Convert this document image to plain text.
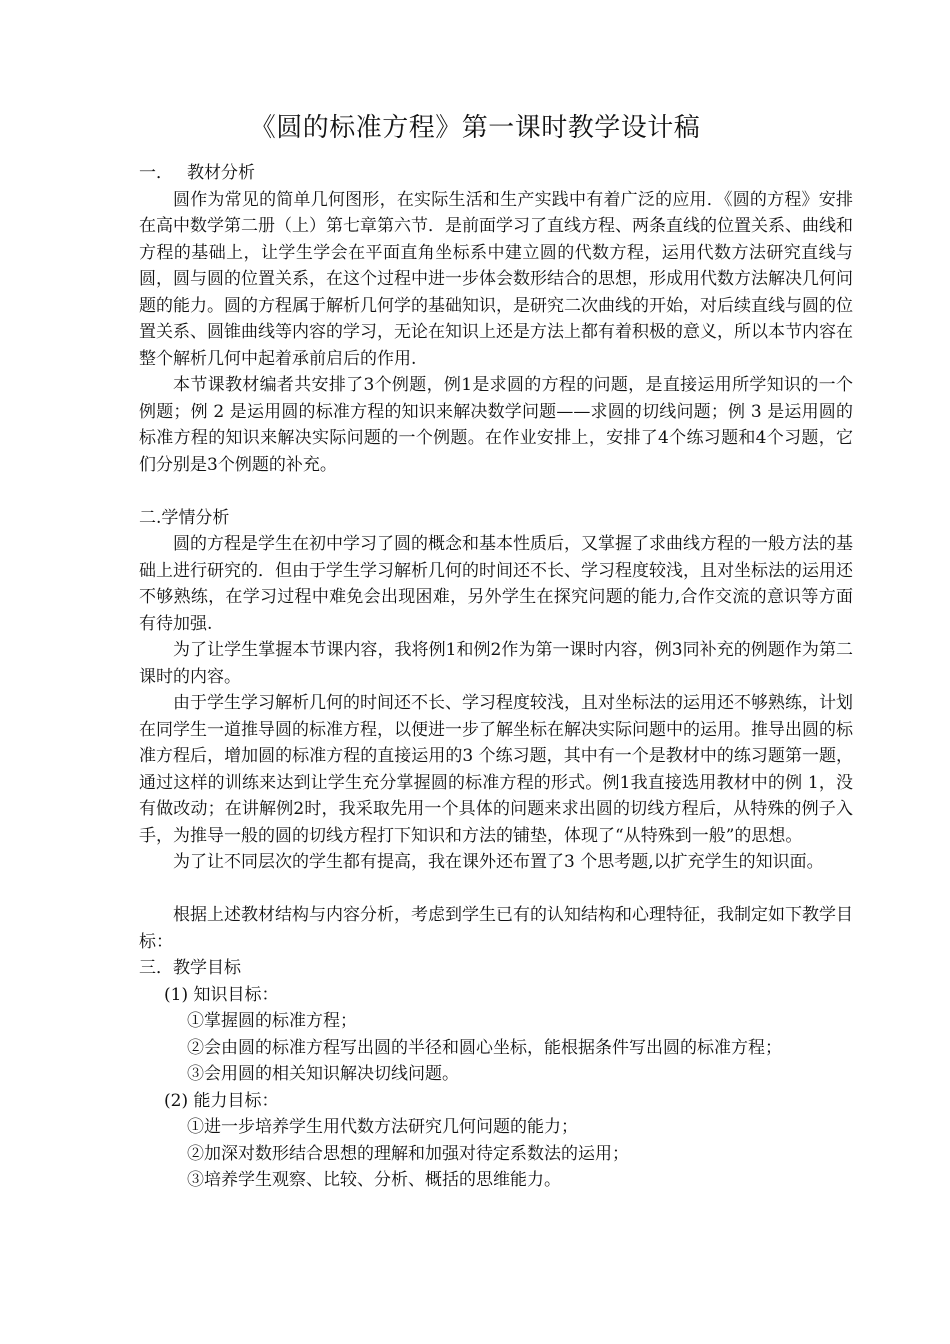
《圆的标准方程》第一课时教学设计稿

一． 教材分析

圆作为常见的简单几何图形，在实际生活和生产实践中有着广泛的应用．《圆的方程》安排在高中数学第二册（上）第七章第六节．是前面学习了直线方程、两条直线的位置关系、曲线和方程的基础上，让学生学会在平面直角坐标系中建立圆的代数方程，运用代数方法研究直线与圆，圆与圆的位置关系，在这个过程中进一步体会数形结合的思想，形成用代数方法解决几何问题的能力。圆的方程属于解析几何学的基础知识，是研究二次曲线的开始，对后续直线与圆的位置关系、圆锥曲线等内容的学习，无论在知识上还是方法上都有着积极的意义，所以本节内容在整个解析几何中起着承前启后的作用.

本节课教材编者共安排了3个例题，例1是求圆的方程的问题，是直接运用所学知识的一个例题；例 2 是运用圆的标准方程的知识来解决数学问题——求圆的切线问题；例 3 是运用圆的标准方程的知识来解决实际问题的一个例题。在作业安排上，安排了4个练习题和4个习题，它们分别是3个例题的补充。

二.学情分析

圆的方程是学生在初中学习了圆的概念和基本性质后，又掌握了求曲线方程的一般方法的基础上进行研究的．但由于学生学习解析几何的时间还不长、学习程度较浅，且对坐标法的运用还不够熟练，在学习过程中难免会出现困难，另外学生在探究问题的能力,合作交流的意识等方面有待加强.

为了让学生掌握本节课内容，我将例1和例2作为第一课时内容，例3同补充的例题作为第二课时的内容。

由于学生学习解析几何的时间还不长、学习程度较浅，且对坐标法的运用还不够熟练，计划在同学生一道推导圆的标准方程，以便进一步了解坐标在解决实际问题中的运用。推导出圆的标准方程后，增加圆的标准方程的直接运用的3 个练习题，其中有一个是教材中的练习题第一题，通过这样的训练来达到让学生充分掌握圆的标准方程的形式。例1我直接选用教材中的例 1，没有做改动；在讲解例2时，我采取先用一个具体的问题来求出圆的切线方程后，从特殊的例子入手，为推导一般的圆的切线方程打下知识和方法的铺垫，体现了“从特殊到一般”的思想。

为了让不同层次的学生都有提高，我在课外还布置了3 个思考题,以扩充学生的知识面。

根据上述教材结构与内容分析，考虑到学生已有的认知结构和心理特征，我制定如下教学目标：

三．教学目标

(1) 知识目标：

①掌握圆的标准方程；

②会由圆的标准方程写出圆的半径和圆心坐标，能根据条件写出圆的标准方程；

③会用圆的相关知识解决切线问题。

(2) 能力目标：

①进一步培养学生用代数方法研究几何问题的能力；

②加深对数形结合思想的理解和加强对待定系数法的运用；

③培养学生观察、比较、分析、概括的思维能力。
